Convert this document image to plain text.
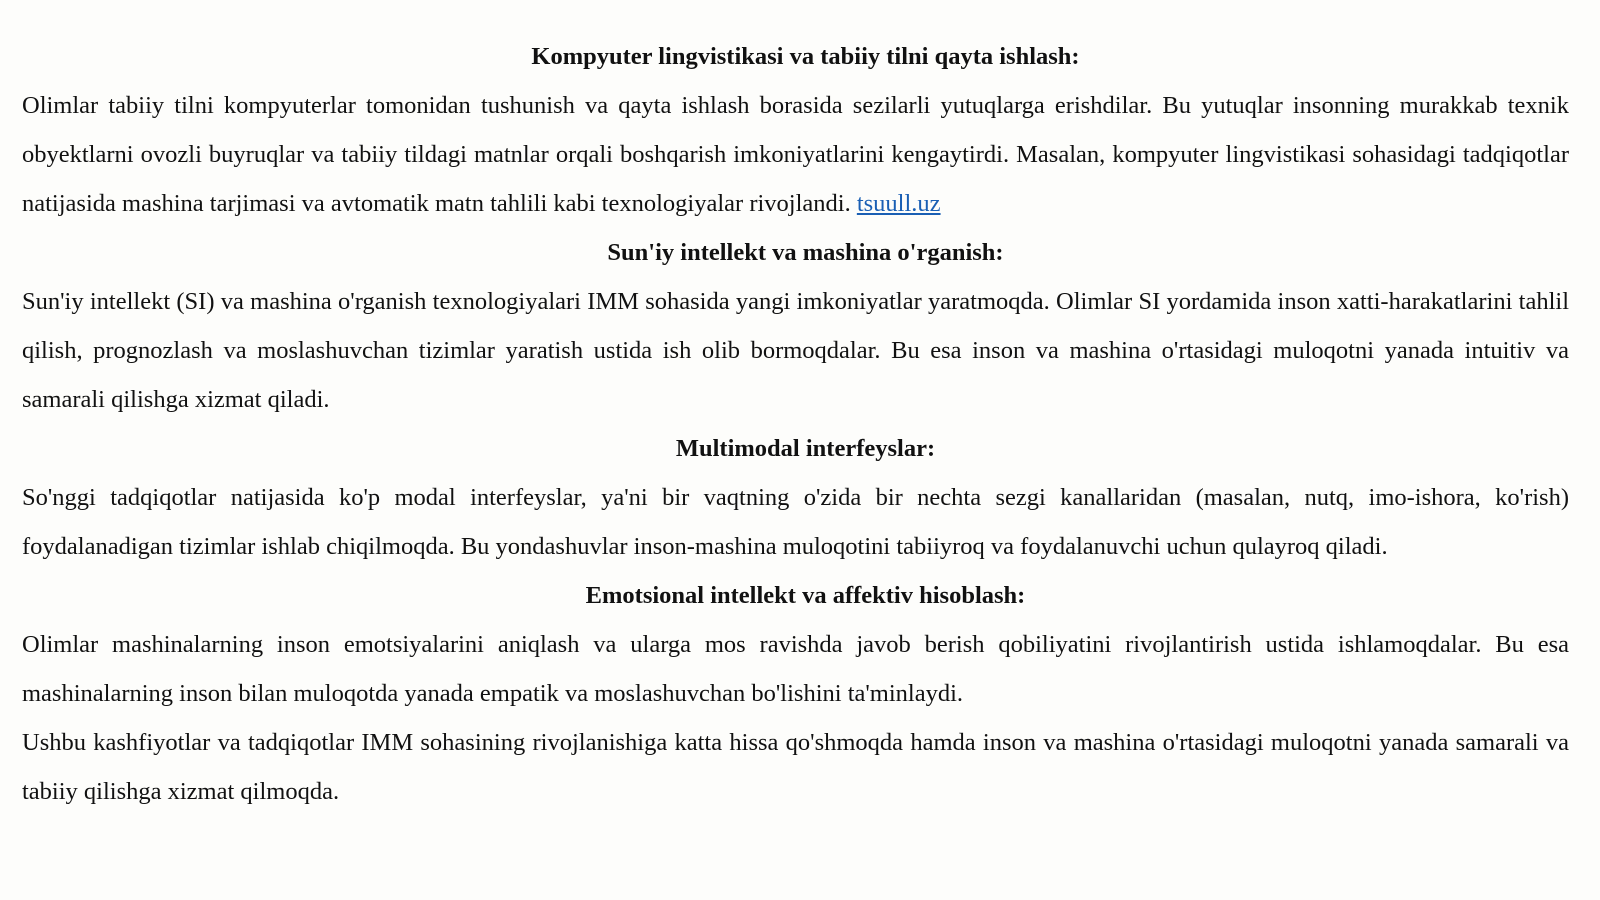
Kompyuter lingvistikasi va tabiiy tilni qayta ishlash:

Olimlar tabiiy tilni kompyuterlar tomonidan tushunish va qayta ishlash borasida sezilarli yutuqlarga erishdilar. Bu yutuqlar insonning murakkab texnik obyektlarni ovozli buyruqlar va tabiiy tildagi matnlar orqali boshqarish imkoniyatlarini kengaytirdi. Masalan, kompyuter lingvistikasi sohasidagi tadqiqotlar natijasida mashina tarjimasi va avtomatik matn tahlili kabi texnologiyalar rivojlandi. tsuull.uz

Sun'iy intellekt va mashina o'rganish:

Sun'iy intellekt (SI) va mashina o'rganish texnologiyalari IMM sohasida yangi imkoniyatlar yaratmoqda. Olimlar SI yordamida inson xatti-harakatlarini tahlil qilish, prognozlash va moslashuvchan tizimlar yaratish ustida ish olib bormoqdalar. Bu esa inson va mashina o'rtasidagi muloqotni yanada intuitiv va samarali qilishga xizmat qiladi.

Multimodal interfeyslar:

So'nggi tadqiqotlar natijasida ko'p modal interfeyslar, ya'ni bir vaqtning o'zida bir nechta sezgi kanallaridan (masalan, nutq, imo-ishora, ko'rish) foydalanadigan tizimlar ishlab chiqilmoqda. Bu yondashuvlar inson-mashina muloqotini tabiiyroq va foydalanuvchi uchun qulayroq qiladi.

Emotsional intellekt va affektiv hisoblash:

Olimlar mashinalarning inson emotsiyalarini aniqlash va ularga mos ravishda javob berish qobiliyatini rivojlantirish ustida ishlamoqdalar. Bu esa mashinalarning inson bilan muloqotda yanada empatik va moslashuvchan bo'lishini ta'minlaydi.

Ushbu kashfiyotlar va tadqiqotlar IMM sohasining rivojlanishiga katta hissa qo'shmoqda hamda inson va mashina o'rtasidagi muloqotni yanada samarali va tabiiy qilishga xizmat qilmoqda.
